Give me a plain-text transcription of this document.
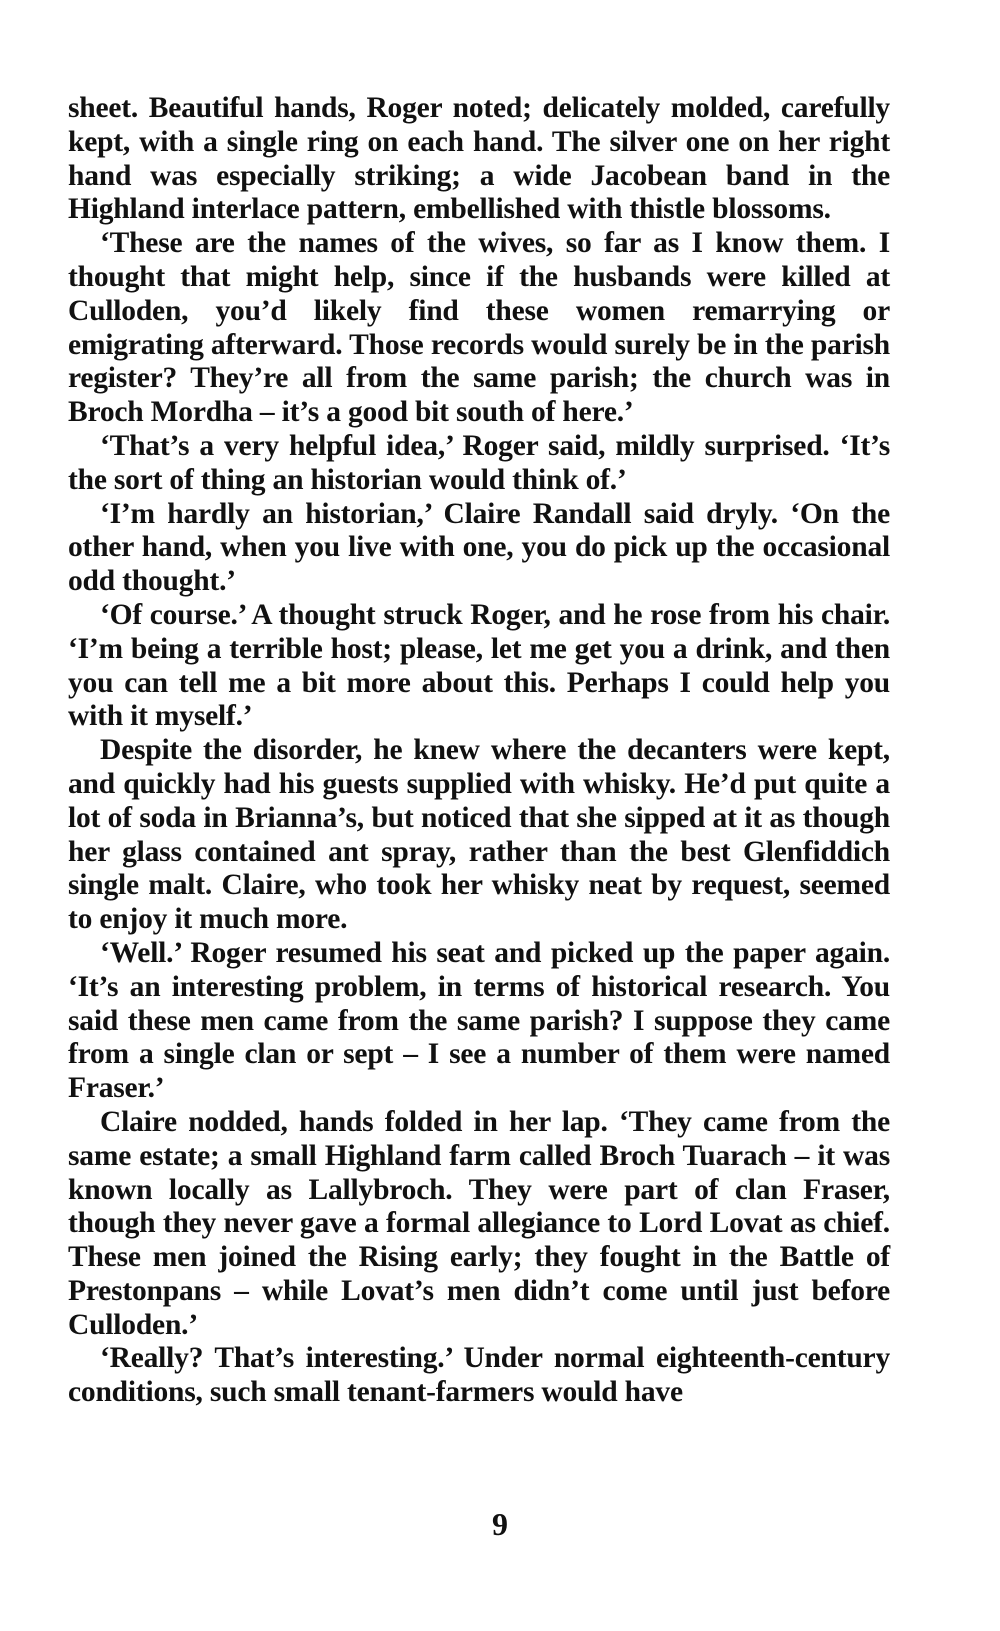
sheet. Beautiful hands, Roger noted; delicately molded, carefully kept, with a single ring on each hand. The silver one on her right hand was especially striking; a wide Jacobean band in the Highland interlace pattern, embellished with thistle blossoms.

‘These are the names of the wives, so far as I know them. I thought that might help, since if the husbands were killed at Culloden, you’d likely find these women remarrying or emigrating afterward. Those records would surely be in the parish register? They’re all from the same parish; the church was in Broch Mordha – it’s a good bit south of here.’

‘That’s a very helpful idea,’ Roger said, mildly surprised. ‘It’s the sort of thing an historian would think of.’

‘I’m hardly an historian,’ Claire Randall said dryly. ‘On the other hand, when you live with one, you do pick up the occasional odd thought.’

‘Of course.’ A thought struck Roger, and he rose from his chair. ‘I’m being a terrible host; please, let me get you a drink, and then you can tell me a bit more about this. Perhaps I could help you with it myself.’

Despite the disorder, he knew where the decanters were kept, and quickly had his guests supplied with whisky. He’d put quite a lot of soda in Brianna’s, but noticed that she sipped at it as though her glass contained ant spray, rather than the best Glenfiddich single malt. Claire, who took her whisky neat by request, seemed to enjoy it much more.

‘Well.’ Roger resumed his seat and picked up the paper again. ‘It’s an interesting problem, in terms of historical research. You said these men came from the same parish? I suppose they came from a single clan or sept – I see a number of them were named Fraser.’

Claire nodded, hands folded in her lap. ‘They came from the same estate; a small Highland farm called Broch Tuarach – it was known locally as Lallybroch. They were part of clan Fraser, though they never gave a formal allegiance to Lord Lovat as chief. These men joined the Rising early; they fought in the Battle of Prestonpans – while Lovat’s men didn’t come until just before Culloden.’

‘Really? That’s interesting.’ Under normal eighteenth-century conditions, such small tenant-farmers would have

9
